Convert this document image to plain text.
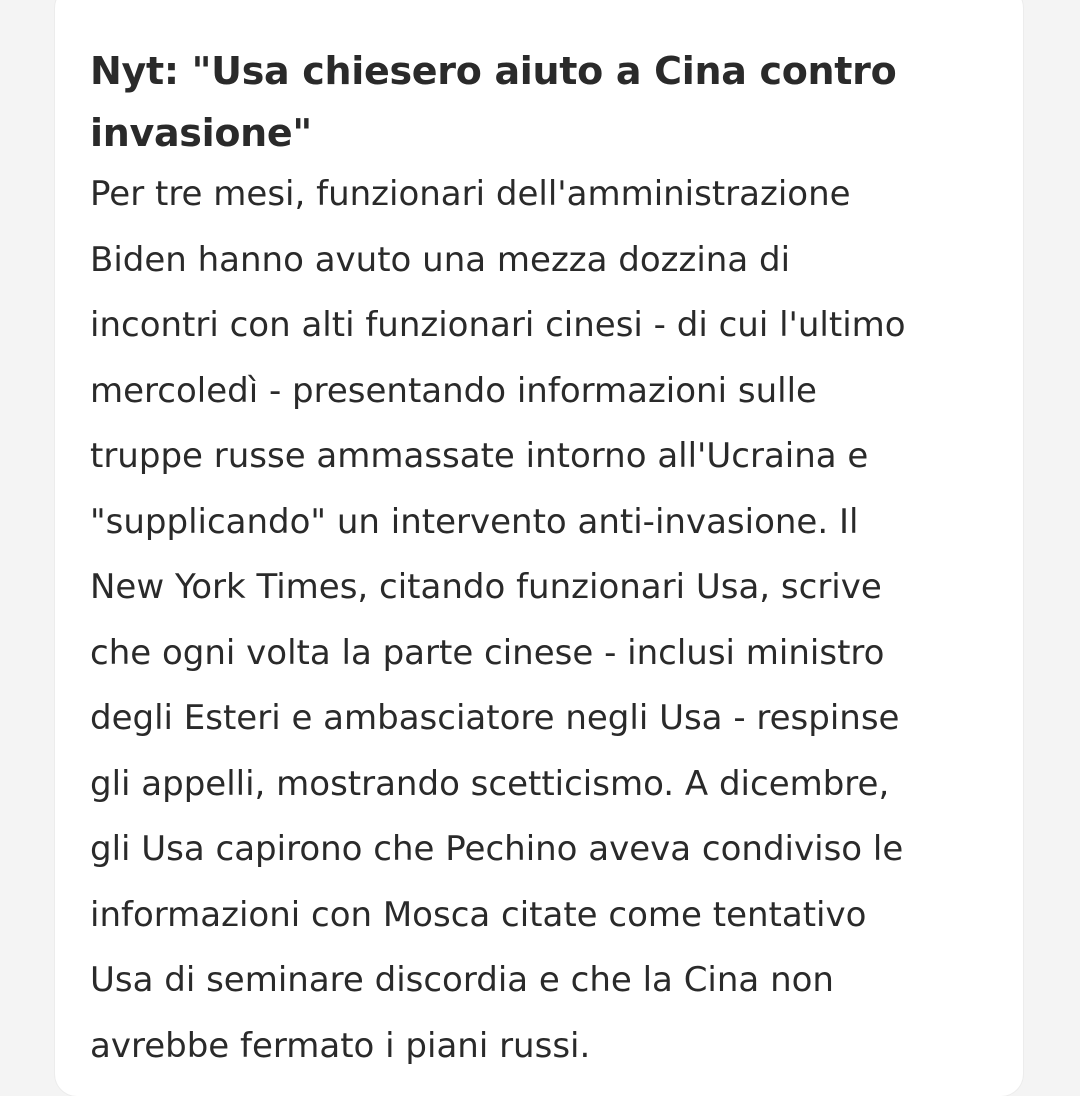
Nyt: "Usa chiesero aiuto a Cina contro
invasione"

Per tre mesi, funzionari dell'amministrazione
Biden hanno avuto una mezza dozzina di
incontri con alti funzionari cinesi - di cui l'ultimo
mercoledì - presentando informazioni sulle
truppe russe ammassate intorno all'Ucraina e
"supplicando" un intervento anti-invasione. Il
New York Times, citando funzionari Usa, scrive
che ogni volta la parte cinese - inclusi ministro
degli Esteri e ambasciatore negli Usa - respinse
gli appelli, mostrando scetticismo. A dicembre,
gli Usa capirono che Pechino aveva condiviso le
informazioni con Mosca citate come tentativo
Usa di seminare discordia e che la Cina non
avrebbe fermato i piani russi.
